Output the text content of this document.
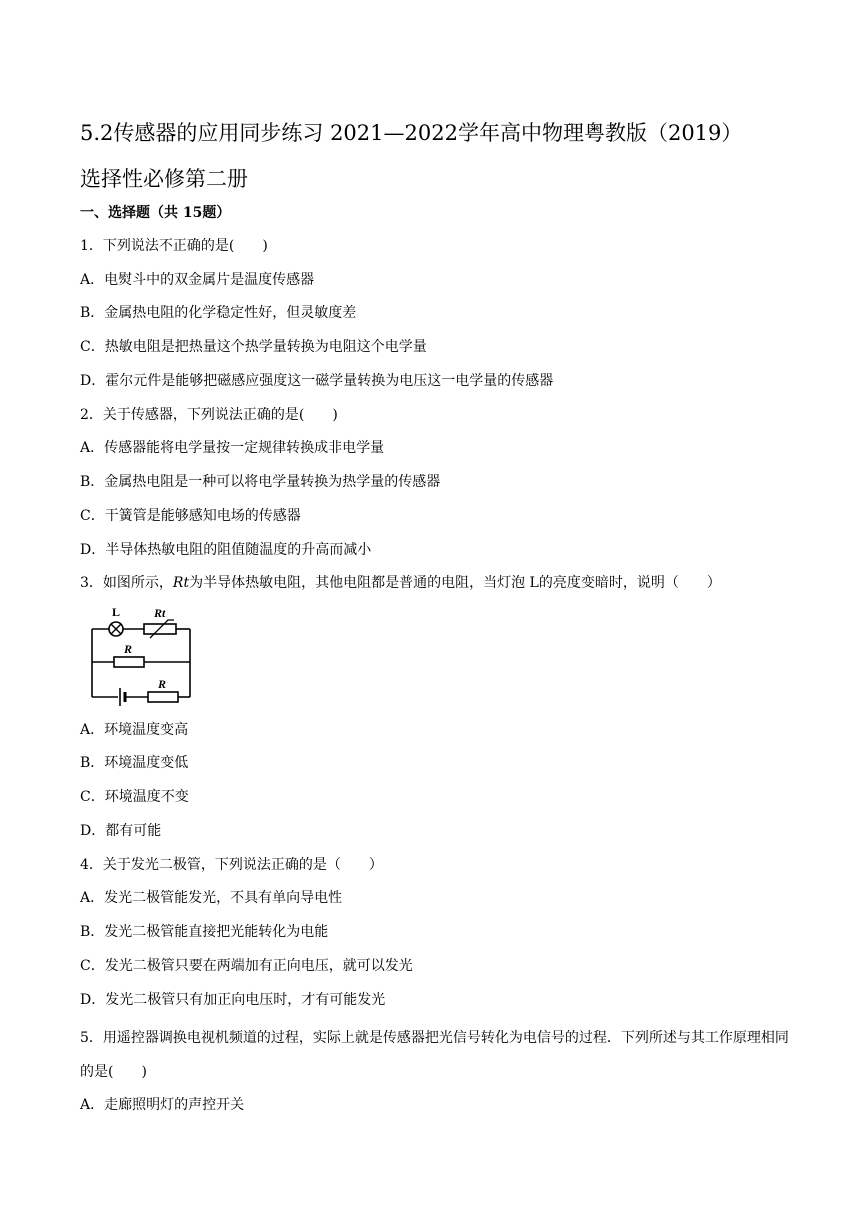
5.2传感器的应用同步练习 2021—2022学年高中物理粤教版（2019）
选择性必修第二册
一、选择题（共 15题）
1．下列说法不正确的是(　　)
A．电熨斗中的双金属片是温度传感器
B．金属热电阻的化学稳定性好，但灵敏度差
C．热敏电阻是把热量这个热学量转换为电阻这个电学量
D．霍尔元件是能够把磁感应强度这一磁学量转换为电压这一电学量的传感器
2．关于传感器，下列说法正确的是(　　)
A．传感器能将电学量按一定规律转换成非电学量
B．金属热电阻是一种可以将电学量转换为热学量的传感器
C．干簧管是能够感知电场的传感器
D．半导体热敏电阻的阻值随温度的升高而减小
3．如图所示，Rt为半导体热敏电阻，其他电阻都是普通的电阻，当灯泡 L的亮度变暗时，说明（　　）
L	Rt
R
R
A．环境温度变高
B．环境温度变低
C．环境温度不变
D．都有可能
4．关于发光二极管，下列说法正确的是（　　）
A．发光二极管能发光，不具有单向导电性
B．发光二极管能直接把光能转化为电能
C．发光二极管只要在两端加有正向电压，就可以发光
D．发光二极管只有加正向电压时，才有可能发光
5．用遥控器调换电视机频道的过程，实际上就是传感器把光信号转化为电信号的过程．下列所述与其工作原理相同的是(　　)
A．走廊照明灯的声控开关
